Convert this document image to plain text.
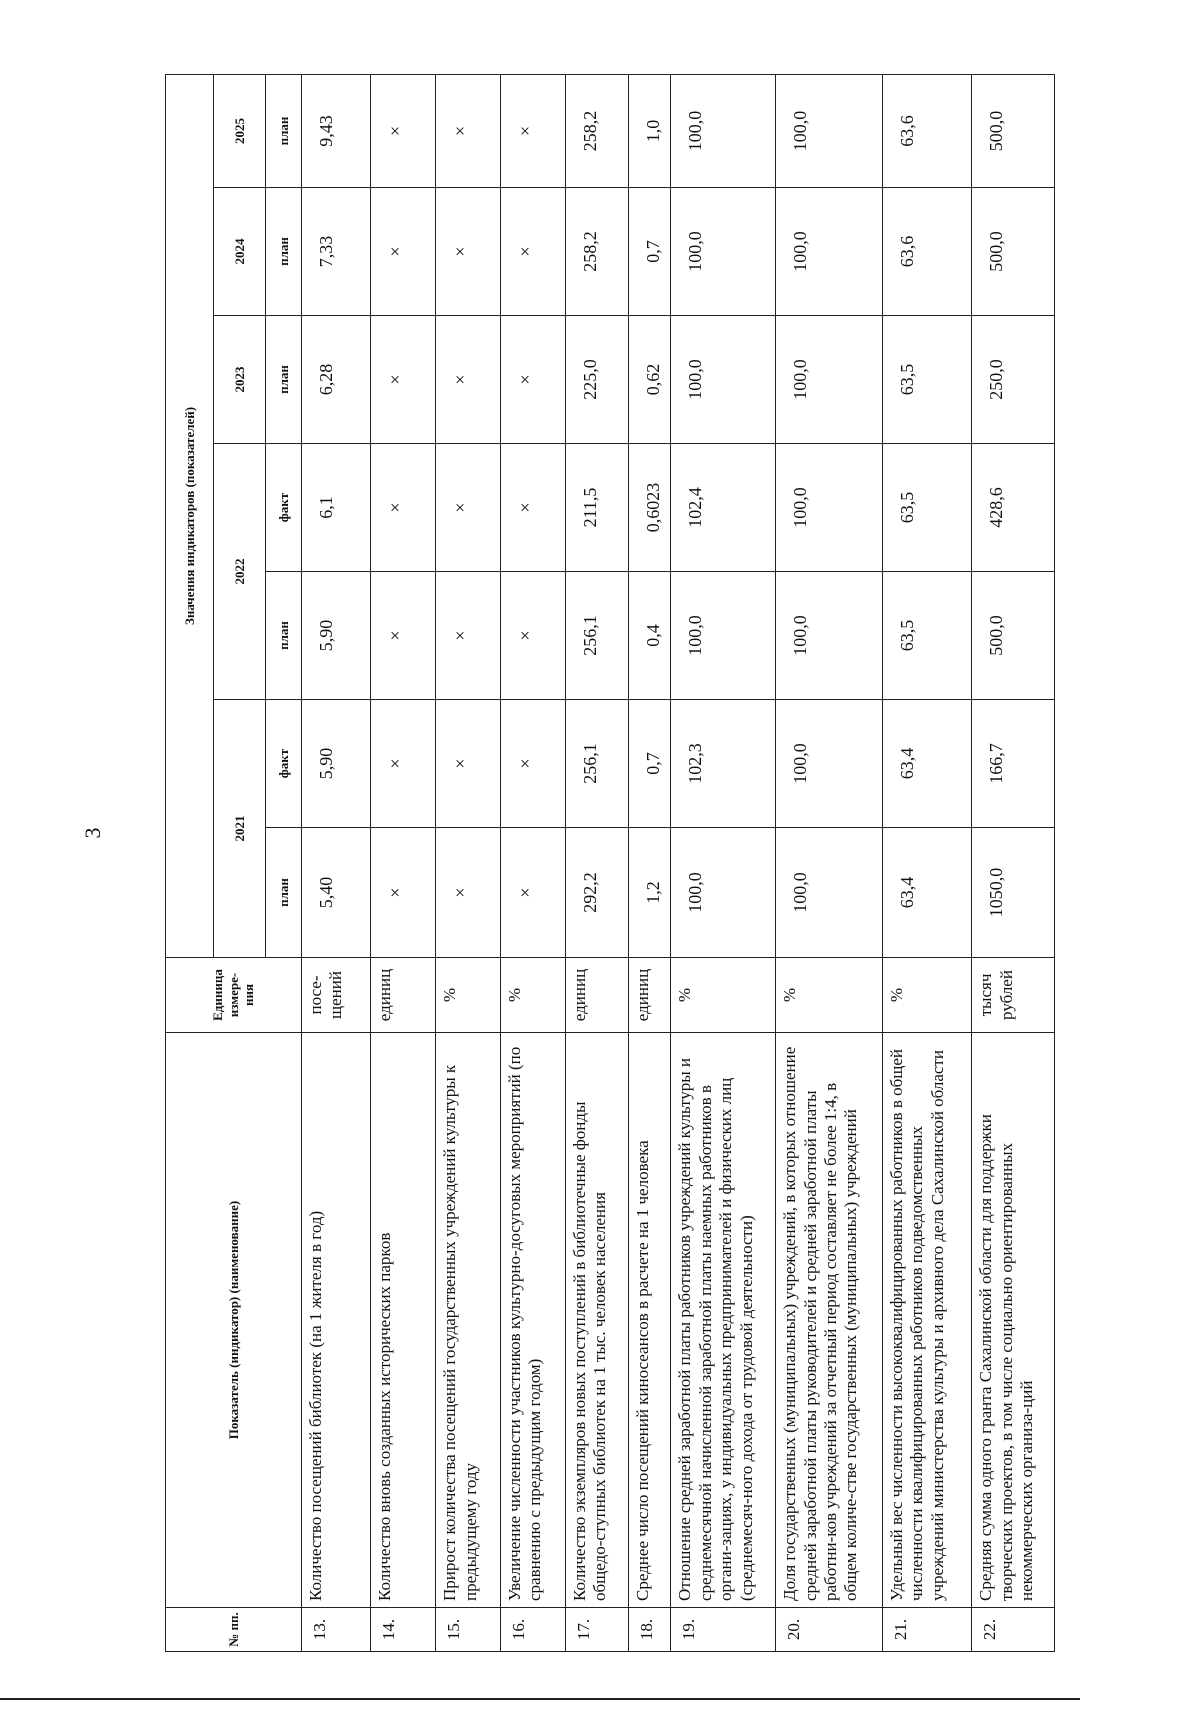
3
№ пп.	Показатель (индикатор) (наименование)	Единица измере-ния	Значения индикаторов (показателей)						
			2021		2022		2023	2024	2025
			план	факт	план	факт	план	план	план
13.	Количество посещений библиотек (на 1 жителя в год)	посе-щений	5,40	5,90	5,90	6,1	6,28	7,33	9,43
14.	Количество вновь созданных исторических парков	единиц	×	×	×	×	×	×	×
15.	Прирост количества посещений государственных учреждений культуры к предыдущему году	%	×	×	×	×	×	×	×
16.	Увеличение численности участников культурно-досуговых мероприятий (по сравнению с предыдущим годом)	%	×	×	×	×	×	×	×
17.	Количество экземпляров новых поступлений в библиотечные фонды общедо-ступных библиотек на 1 тыс. человек населения	единиц	292,2	256,1	256,1	211,5	225,0	258,2	258,2
18.	Среднее число посещений киносеансов в расчете на 1 человека	единиц	1,2	0,7	0,4	0,6023	0,62	0,7	1,0
19.	Отношение средней заработной платы работников учреждений культуры и среднемесячной начисленной заработной платы наемных работников в органи-зациях, у индивидуальных предпринимателей и физических лиц (среднемесяч-ного дохода от трудовой деятельности)	%	100,0	102,3	100,0	102,4	100,0	100,0	100,0
20.	Доля государственных (муниципальных) учреждений, в которых отношение средней заработной платы руководителей и средней заработной платы работни-ков учреждений за отчетный период составляет не более 1:4, в общем количе-стве государственных (муниципальных) учреждений	%	100,0	100,0	100,0	100,0	100,0	100,0	100,0
21.	Удельный вес численности высококвалифицированных работников в общей численности квалифицированных работников подведомственных учреждений министерства культуры и архивного дела Сахалинской области	%	63,4	63,4	63,5	63,5	63,5	63,6	63,6
22.	Средняя сумма одного гранта Сахалинской области для поддержки творческих проектов, в том числе социально ориентированных некоммерческих организа-ций	тысяч рублей	1050,0	166,7	500,0	428,6	250,0	500,0	500,0
